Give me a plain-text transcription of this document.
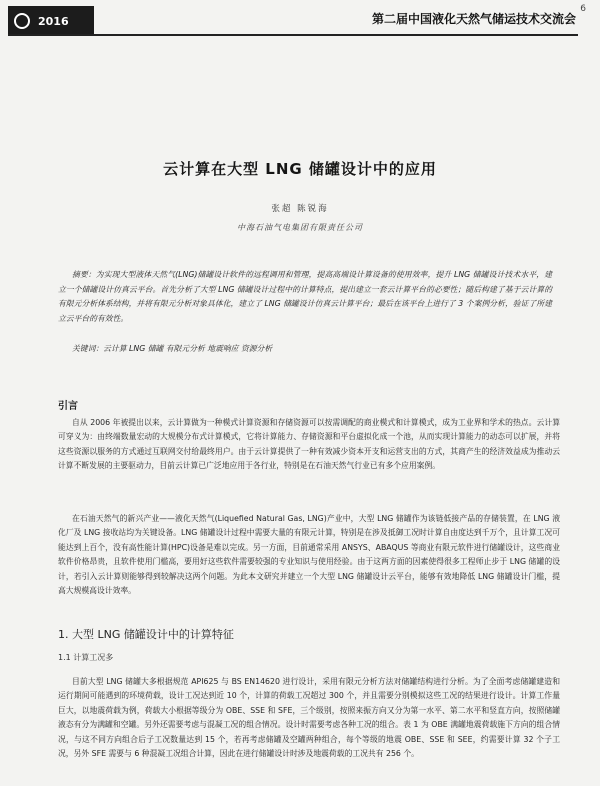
2016	第二届中国液化天然气储运技术交流会
6
云计算在大型 LNG 储罐设计中的应用
张超 陈锐海
中海石油气电集团有限责任公司
摘要：为实现大型液体天然气(LNG)储罐设计软件的远程调用和管理，提高高端设计算设备的使用效率，提升 LNG 储罐设计技术水平，建立一个储罐设计仿真云平台。首先分析了大型 LNG 储罐设计过程中的计算特点，提出建立一套云计算平台的必要性；随后构建了基于云计算的有限元分析体系结构，并将有限元分析对象具体化，建立了 LNG 储罐设计仿真云计算平台；最后在该平台上进行了 3 个案例分析，验证了所建立云平台的有效性。
关键词：云计算 LNG 储罐 有限元分析 地震响应 资源分析
引言
自从 2006 年被提出以来，云计算做为一种模式计算资源和存储资源可以按需调配的商业模式和计算模式，成为工业界和学术的热点。云计算可穿义为：由终端数量宏动的大规模分布式计算模式，它将计算能力、存储资源和平台虚拟化成一个池，从而实现计算能力的动态可以扩展，并将这些资源以服务的方式通过互联网交付给最终用户。由于云计算提供了一种有效减少资本开支和运营支出的方式，其商产生的经济效益成为推动云计算不断发展的主要驱动力，目前云计算已广泛地应用于各行业，特别是在石油天然气行业已有多个应用案例。
在石油天然气的新兴产业——液化天然气(Liquefied Natural Gas, LNG)产业中，大型 LNG 储罐作为该链低接产品的存储装置，在 LNG 液化厂及 LNG 接收站均为关键设备。LNG 储罐设计过程中需要大量的有限元计算，特别是在涉及抵御工况时计算自由度达到千万个，且计算工况可能达到上百个，没有高性能计算(HPC)设备是难以完成。另一方面，目前通常采用 ANSYS、ABAQUS 等商业有限元软件进行储罐设计，这些商业软件价格昂贵，且软件使用门槛高，要用好这些软件需要较强的专业知识与使用经验。由于这两方面的因素使得很多工程师止步于 LNG 储罐的设计，若引入云计算则能够得到较解决这两个问题。为此本文研究并建立一个大型 LNG 储罐设计云平台，能够有效地降低 LNG 储罐设计门槛，提高大规模高设计效率。
1. 大型 LNG 储罐设计中的计算特征
1.1 计算工况多
目前大型 LNG 储罐大多根据规范 API625 与 BS EN14620 进行设计，采用有限元分析方法对储罐结构进行分析。为了全面考虑储罐建造和运行期间可能遇到的环境荷载，设计工况达到近 10 个，计算的荷载工况超过 300 个，并且需要分别模拟这些工况的结果进行设计。计算工作量巨大，以地震荷载为例，荷载大小根据等级分为 OBE、SSE 和 SFE，三个级别，按照来振方向又分为第一水平、第二水平和竖直方向，按照储罐液态有分为满罐和空罐。另外还需要考虑与混凝工况的组合情况。设计时需要考虑各种工况的组合。表 1 为 OBE 满罐地震荷载施下方向的组合情况，与这不同方向组合后子工况数量达到 15 个，若再考虑储罐及空罐两种组合，每个等级的地震 OBE、SSE 和 SEE，约需要计算 32 个子工况，另外 SFE 需要与 6 种混凝工况组合计算，因此在进行储罐设计时涉及地震荷载的工况共有 256 个。
